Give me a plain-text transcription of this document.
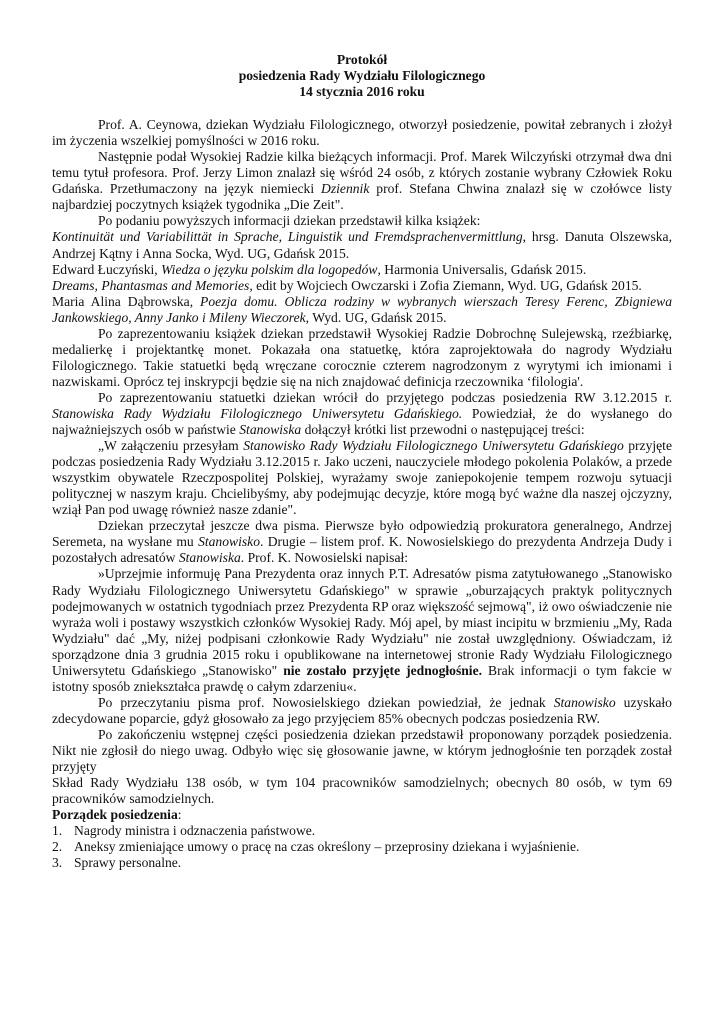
Protokół
posiedzenia Rady Wydziału Filologicznego
14 stycznia 2016 roku

Prof. A. Ceynowa, dziekan Wydziału Filologicznego, otworzył posiedzenie, powitał zebranych i złożył im życzenia wszelkiej pomyślności w 2016 roku.

Następnie podał Wysokiej Radzie kilka bieżących informacji. Prof. Marek Wilczyński otrzymał dwa dni temu tytuł profesora. Prof. Jerzy Limon znalazł się wśród 24 osób, z których zostanie wybrany Człowiek Roku Gdańska. Przetłumaczony na język niemiecki Dziennik prof. Stefana Chwina znalazł się w czołówce listy najbardziej poczytnych książek tygodnika „Die Zeit".

Po podaniu powyższych informacji dziekan przedstawił kilka książek:

Kontinuität und Variabilittät in Sprache, Linguistik und Fremdsprachenvermittlung, hrsg. Danuta Olszewska, Andrzej Kątny i Anna Socka, Wyd. UG, Gdańsk 2015.

Edward Łuczyński, Wiedza o języku polskim dla logopedów, Harmonia Universalis, Gdańsk 2015.

Dreams, Phantasmas and Memories, edit by Wojciech Owczarski i Zofia Ziemann, Wyd. UG, Gdańsk 2015.

Maria Alina Dąbrowska, Poezja domu. Oblicza rodziny w wybranych wierszach Teresy Ferenc, Zbigniewa Jankowskiego, Anny Janko i Mileny Wieczorek, Wyd. UG, Gdańsk 2015.

Po zaprezentowaniu książek dziekan przedstawił Wysokiej Radzie Dobrochnę Sulejewską, rzeźbiarkę, medalierkę i projektantkę monet. Pokazała ona statuetkę, która zaprojektowała do nagrody Wydziału Filologicznego. Takie statuetki będą wręczane corocznie czterem nagrodzonym z wyrytymi ich imionami i nazwiskami. Oprócz tej inskrypcji będzie się na nich znajdować definicja rzeczownika ‘filologia'.

Po zaprezentowaniu statuetki dziekan wrócił do przyjętego podczas posiedzenia RW 3.12.2015 r. Stanowiska Rady Wydziału Filologicznego Uniwersytetu Gdańskiego. Powiedział, że do wysłanego do najważniejszych osób w państwie Stanowiska dołączył krótki list przewodni o następującej treści:

„W załączeniu przesyłam Stanowisko Rady Wydziału Filologicznego Uniwersytetu Gdańskiego przyjęte podczas posiedzenia Rady Wydziału 3.12.2015 r. Jako uczeni, nauczyciele młodego pokolenia Polaków, a przede wszystkim obywatele Rzeczpospolitej Polskiej, wyrażamy swoje zaniepokojenie tempem rozwoju sytuacji politycznej w naszym kraju. Chcielibyśmy, aby podejmując decyzje, które mogą być ważne dla naszej ojczyzny, wziął Pan pod uwagę również nasze zdanie".

Dziekan przeczytał jeszcze dwa pisma. Pierwsze było odpowiedzią prokuratora generalnego, Andrzej Seremeta, na wysłane mu Stanowisko. Drugie – listem prof. K. Nowosielskiego do prezydenta Andrzeja Dudy i pozostałych adresatów Stanowiska. Prof. K. Nowosielski napisał:

»Uprzejmie informuję Pana Prezydenta oraz innych P.T. Adresatów pisma zatytułowanego „Stanowisko Rady Wydziału Filologicznego Uniwersytetu Gdańskiego" w sprawie „oburzających praktyk politycznych podejmowanych w ostatnich tygodniach przez Prezydenta RP oraz większość sejmową", iż owo oświadczenie nie wyraża woli i postawy wszystkich członków Wysokiej Rady. Mój apel, by miast incipitu w brzmieniu „My, Rada Wydziału" dać „My, niżej podpisani członkowie Rady Wydziału" nie został uwzględniony. Oświadczam, iż sporządzone dnia 3 grudnia 2015 roku i opublikowane na internetowej stronie Rady Wydziału Filologicznego Uniwersytetu Gdańskiego „Stanowisko" nie zostało przyjęte jednogłośnie. Brak informacji o tym fakcie w istotny sposób zniekształca prawdę o całym zdarzeniu«.

Po przeczytaniu pisma prof. Nowosielskiego dziekan powiedział, że jednak Stanowisko uzyskało zdecydowane poparcie, gdyż głosowało za jego przyjęciem 85% obecnych podczas posiedzenia RW.

Po zakończeniu wstępnej części posiedzenia dziekan przedstawił proponowany porządek posiedzenia. Nikt nie zgłosił do niego uwag. Odbyło więc się głosowanie jawne, w którym jednogłośnie ten porządek został przyjęty

Skład Rady Wydziału 138 osób, w tym 104 pracowników samodzielnych; obecnych 80 osób, w tym 69 pracowników samodzielnych.

Porządek posiedzenia:

1. Nagrody ministra i odznaczenia państwowe.
2. Aneksy zmieniające umowy o pracę na czas określony – przeprosiny dziekana i wyjaśnienie.
3. Sprawy personalne.
